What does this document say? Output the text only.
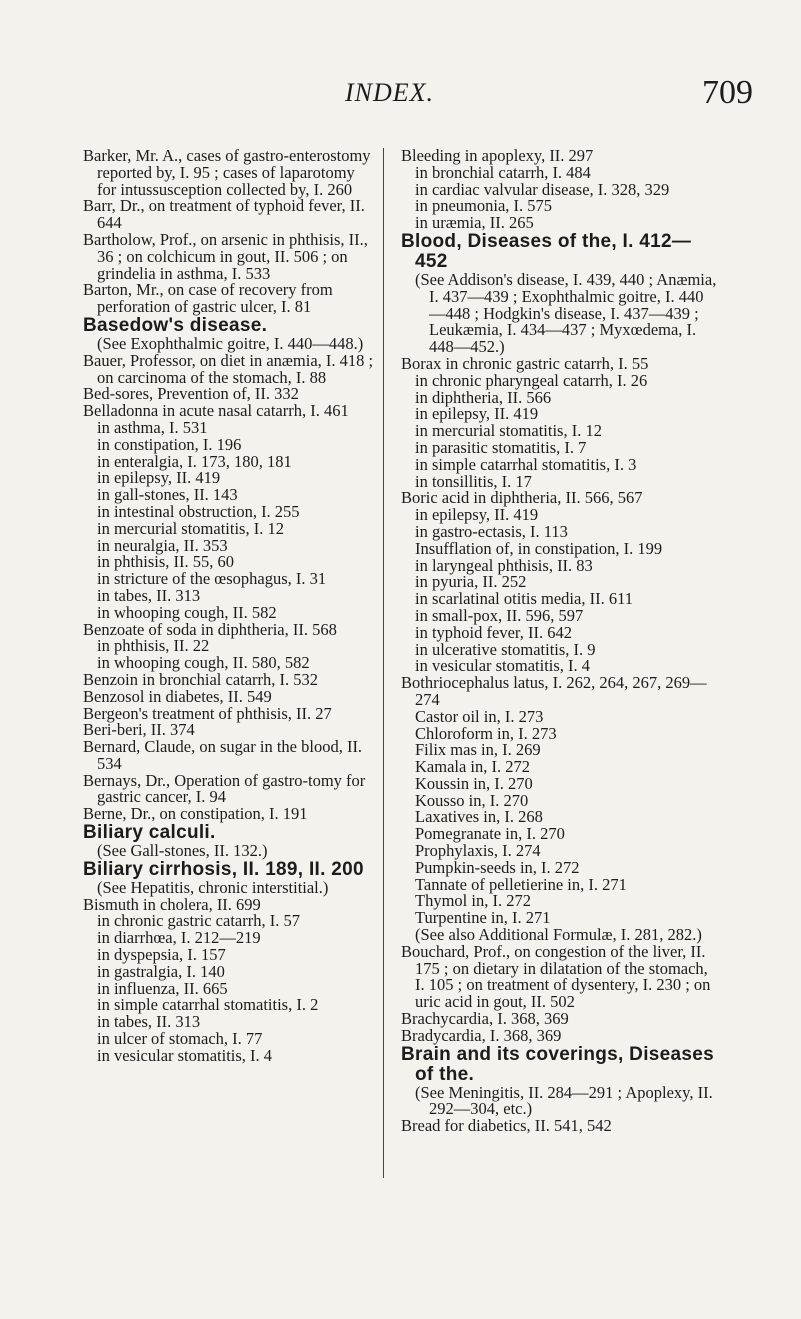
INDEX.	709
Barker, Mr. A., cases of gastro-enterostomy reported by, I. 95 ; cases of laparotomy for intussusception collected by, I. 260
Barr, Dr., on treatment of typhoid fever, II. 644
Bartholow, Prof., on arsenic in phthisis, II., 36 ; on colchicum in gout, II. 506 ; on grindelia in asthma, I. 533
Barton, Mr., on case of recovery from perforation of gastric ulcer, I. 81
Basedow's disease.
(See Exophthalmic goitre, I. 440—448.)
Bauer, Professor, on diet in anæmia, I. 418 ; on carcinoma of the stomach, I. 88
Bed-sores, Prevention of, II. 332
Belladonna in acute nasal catarrh, I. 461
in asthma, I. 531
in constipation, I. 196
in enteralgia, I. 173, 180, 181
in epilepsy, II. 419
in gall-stones, II. 143
in intestinal obstruction, I. 255
in mercurial stomatitis, I. 12
in neuralgia, II. 353
in phthisis, II. 55, 60
in stricture of the œsophagus, I. 31
in tabes, II. 313
in whooping cough, II. 582
Benzoate of soda in diphtheria, II. 568
in phthisis, II. 22
in whooping cough, II. 580, 582
Benzoin in bronchial catarrh, I. 532
Benzosol in diabetes, II. 549
Bergeon's treatment of phthisis, II. 27
Beri-beri, II. 374
Bernard, Claude, on sugar in the blood, II. 534
Bernays, Dr., Operation of gastro-tomy for gastric cancer, I. 94
Berne, Dr., on constipation, I. 191
Biliary calculi.
(See Gall-stones, II. 132.)
Biliary cirrhosis, II. 189, II. 200
(See Hepatitis, chronic interstitial.)
Bismuth in cholera, II. 699
in chronic gastric catarrh, I. 57
in diarrhœa, I. 212—219
in dyspepsia, I. 157
in gastralgia, I. 140
in influenza, II. 665
in simple catarrhal stomatitis, I. 2
in tabes, II. 313
in ulcer of stomach, I. 77
in vesicular stomatitis, I. 4
Bleeding in apoplexy, II. 297
in bronchial catarrh, I. 484
in cardiac valvular disease, I. 328, 329
in pneumonia, I. 575
in uræmia, II. 265
Blood, Diseases of the, I. 412—452
(See Addison's disease, I. 439, 440 ; Anæmia, I. 437—439 ; Exophthalmic goitre, I. 440—448 ; Hodgkin's disease, I. 437—439 ; Leukæmia, I. 434—437 ; Myxœdema, I. 448—452.)
Borax in chronic gastric catarrh, I. 55
in chronic pharyngeal catarrh, I. 26
in diphtheria, II. 566
in epilepsy, II. 419
in mercurial stomatitis, I. 12
in parasitic stomatitis, I. 7
in simple catarrhal stomatitis, I. 3
in tonsillitis, I. 17
Boric acid in diphtheria, II. 566, 567
in epilepsy, II. 419
in gastro-ectasis, I. 113
Insufflation of, in constipation, I. 199
in laryngeal phthisis, II. 83
in pyuria, II. 252
in scarlatinal otitis media, II. 611
in small-pox, II. 596, 597
in typhoid fever, II. 642
in ulcerative stomatitis, I. 9
in vesicular stomatitis, I. 4
Bothriocephalus latus, I. 262, 264, 267, 269—274
Castor oil in, I. 273
Chloroform in, I. 273
Filix mas in, I. 269
Kamala in, I. 272
Koussin in, I. 270
Kousso in, I. 270
Laxatives in, I. 268
Pomegranate in, I. 270
Prophylaxis, I. 274
Pumpkin-seeds in, I. 272
Tannate of pelletierine in, I. 271
Thymol in, I. 272
Turpentine in, I. 271
(See also Additional Formulæ, I. 281, 282.)
Bouchard, Prof., on congestion of the liver, II. 175 ; on dietary in dilatation of the stomach, I. 105 ; on treatment of dysentery, I. 230 ; on uric acid in gout, II. 502
Brachycardia, I. 368, 369
Bradycardia, I. 368, 369
Brain and its coverings, Diseases of the.
(See Meningitis, II. 284—291 ; Apoplexy, II. 292—304, etc.)
Bread for diabetics, II. 541, 542
